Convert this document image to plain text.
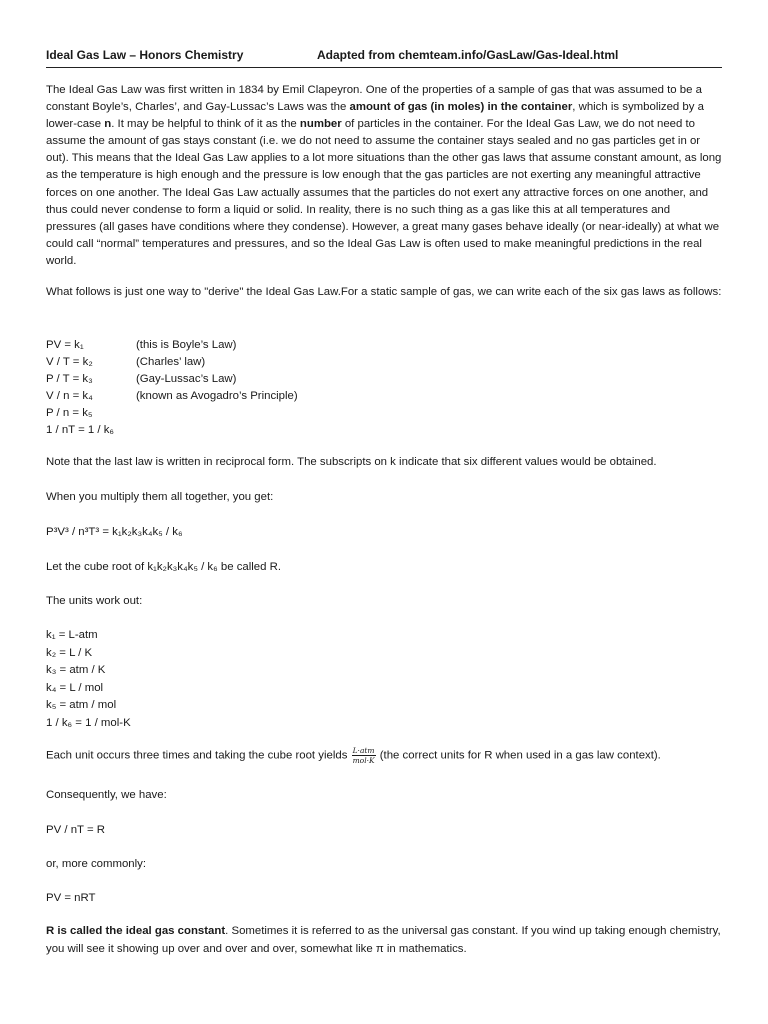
Ideal Gas Law – Honors Chemistry	Adapted from chemteam.info/GasLaw/Gas-Ideal.html
The Ideal Gas Law was first written in 1834 by Emil Clapeyron. One of the properties of a sample of gas that was assumed to be a constant Boyle’s, Charles’, and Gay-Lussac’s Laws was the amount of gas (in moles) in the container, which is symbolized by a lower-case n. It may be helpful to think of it as the number of particles in the container. For the Ideal Gas Law, we do not need to assume the amount of gas stays constant (i.e. we do not need to assume the container stays sealed and no gas particles get in or out). This means that the Ideal Gas Law applies to a lot more situations than the other gas laws that assume constant amount, as long as the temperature is high enough and the pressure is low enough that the gas particles are not exerting any meaningful attractive forces on one another. The Ideal Gas Law actually assumes that the particles do not exert any attractive forces on one another, and thus could never condense to form a liquid or solid. In reality, there is no such thing as a gas like this at all temperatures and pressures (all gases have conditions where they condense). However, a great many gases behave ideally (or near-ideally) at what we could call “normal” temperatures and pressures, and so the Ideal Gas Law is often used to make meaningful predictions in the real world.
What follows is just one way to "derive" the Ideal Gas Law.For a static sample of gas, we can write each of the six gas laws as follows:
PV = k₁	(this is Boyle’s Law)
V / T = k₂	(Charles’ law)
P / T = k₃	(Gay-Lussac’s Law)
V / n = k₄	(known as Avogadro’s Principle)
P / n = k₅
1 / nT = 1 / k₆
Note that the last law is written in reciprocal form. The subscripts on k indicate that six different values would be obtained.
When you multiply them all together, you get:
P³V³ / n³T³ = k₁k₂k₃k₄k₅ / k₆
Let the cube root of k₁k₂k₃k₄k₅ / k₆ be called R.
The units work out:
k₁ = L-atm
k₂ = L / K
k₃ = atm / K
k₄ = L / mol
k₅ = atm / mol
1 / k₆ = 1 / mol-K
Each unit occurs three times and taking the cube root yields $\frac{\text{L·atm}}{\text{mol·K}} (the$ correct units for R when used in a gas law context).
Consequently, we have:
PV / nT = R
or, more commonly:
PV = nRT
R is called the ideal gas constant. Sometimes it is referred to as the universal gas constant. If you wind up taking enough chemistry, you will see it showing up over and over and over, somewhat like π in mathematics.
